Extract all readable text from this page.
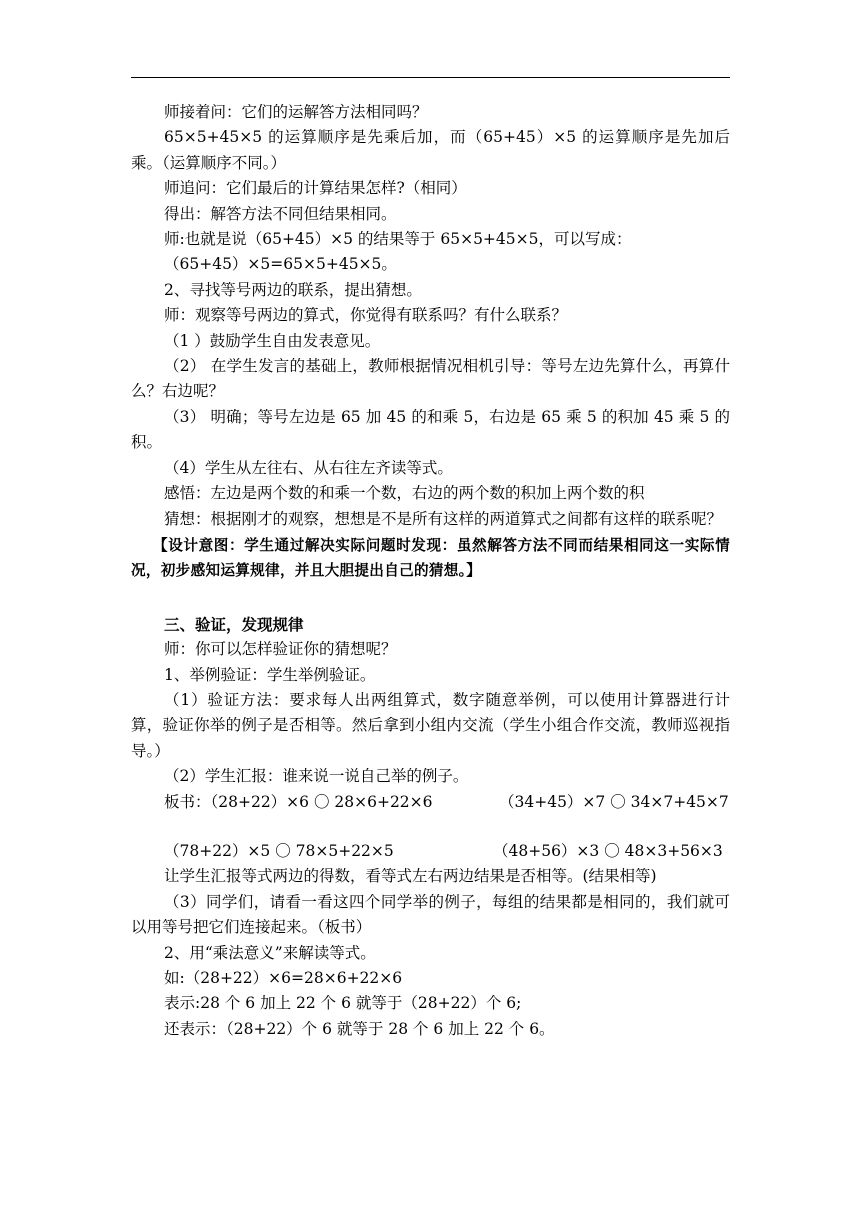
师接着问：它们的运解答方法相同吗？

65×5+45×5 的运算顺序是先乘后加，而（65+45）×5 的运算顺序是先加后乘。（运算顺序不同。）

师追问：它们最后的计算结果怎样?（相同）

得出：解答方法不同但结果相同。

师:也就是说（65+45）×5 的结果等于 65×5+45×5，可以写成：

（65+45）×5=65×5+45×5。

2、寻找等号两边的联系，提出猜想。

师：观察等号两边的算式，你觉得有联系吗？有什么联系？

（1 ）鼓励学生自由发表意见。

（2） 在学生发言的基础上，教师根据情况相机引导：等号左边先算什么，再算什么？右边呢？

（3） 明确；等号左边是 65 加 45 的和乘 5，右边是 65 乘 5 的积加 45 乘 5 的积。

（4）学生从左往右、从右往左齐读等式。

感悟：左边是两个数的和乘一个数，右边的两个数的积加上两个数的积

猜想：根据刚才的观察，想想是不是所有这样的两道算式之间都有这样的联系呢？

【设计意图：学生通过解决实际问题时发现：虽然解答方法不同而结果相同这一实际情况，初步感知运算规律，并且大胆提出自己的猜想。】

三、验证，发现规律

师：你可以怎样验证你的猜想呢？

1、举例验证：学生举例验证。

（1）验证方法：要求每人出两组算式，数字随意举例，可以使用计算器进行计算，验证你举的例子是否相等。然后拿到小组内交流（学生小组合作交流，教师巡视指导。）

（2）学生汇报：谁来说一说自己举的例子。

板书：（28+22）×6 〇 28×6+22×6	（34+45）×7 〇 34×7+45×7
（78+22）×5 〇 78×5+22×5	（48+56）×3 〇 48×3+56×3

让学生汇报等式两边的得数，看等式左右两边结果是否相等。(结果相等)

（3）同学们，请看一看这四个同学举的例子，每组的结果都是相同的，我们就可以用等号把它们连接起来。（板书）

2、用“乘法意义”来解读等式。

如:（28+22）×6=28×6+22×6

表示:28 个 6 加上 22 个 6 就等于（28+22）个 6;

还表示：（28+22）个 6 就等于 28 个 6 加上 22 个 6。
